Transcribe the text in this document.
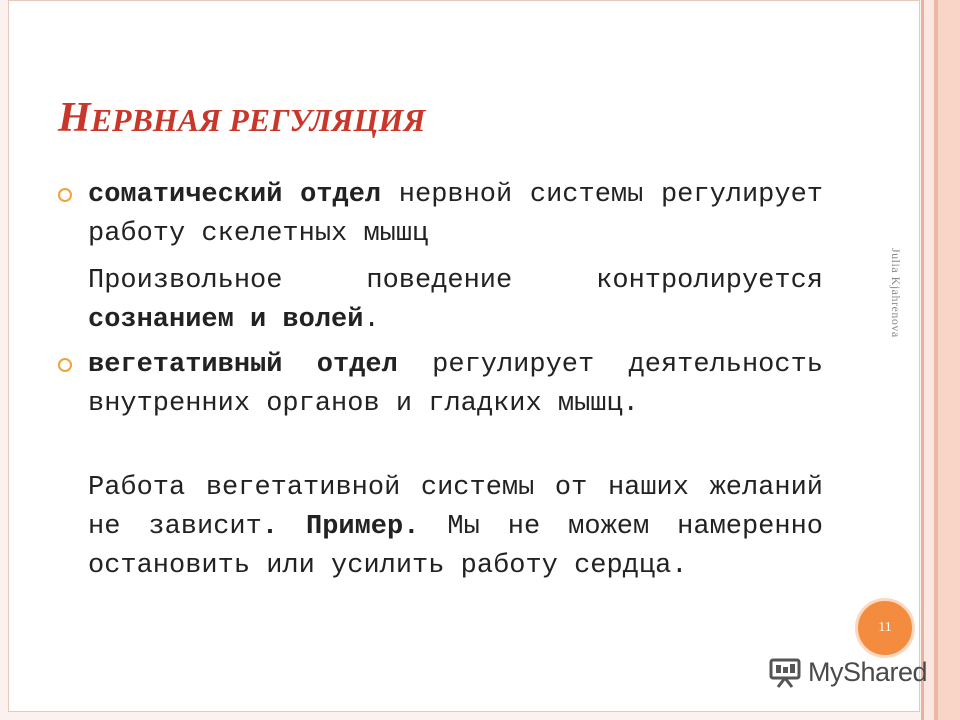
НЕРВНАЯ РЕГУЛЯЦИЯ

соматический отдел нервной системы регулирует работу скелетных мышц

Произвольное поведение контролируется сознанием и волей.

вегетативный отдел регулирует деятельность внутренних органов и гладких мышц.

Работа вегетативной системы от наших желаний не зависит. Пример. Мы не можем намеренно остановить или усилить работу сердца.

Julia Kjahrenova
11
MyShared
